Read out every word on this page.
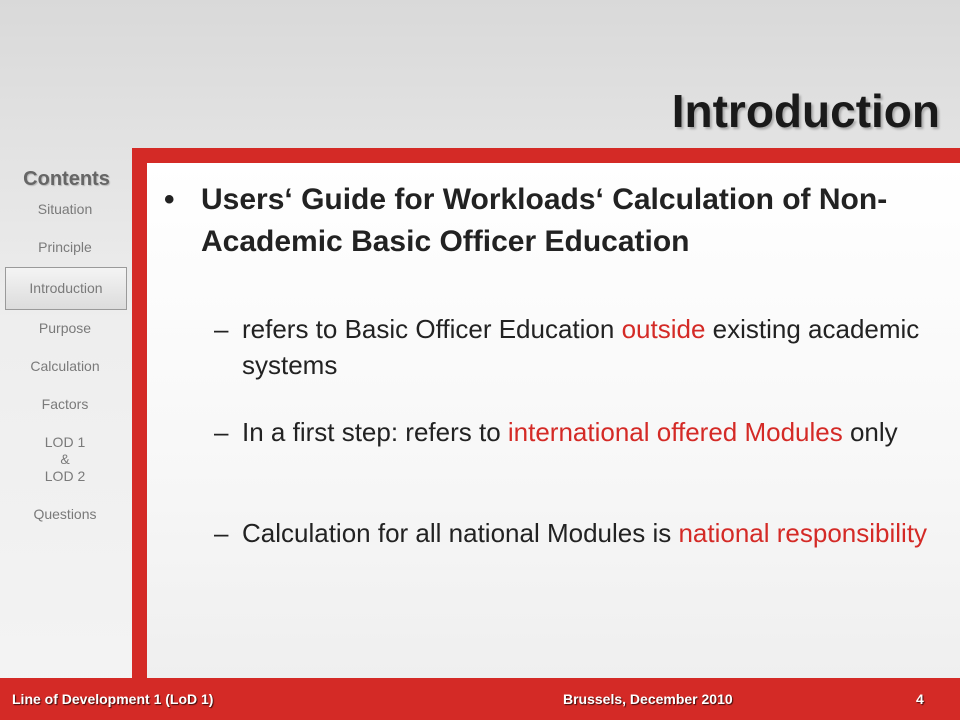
Introduction
Contents
Situation
Principle
Introduction
Purpose
Calculation
Factors
LOD 1
&
LOD 2
Questions
• Users‘ Guide for Workloads‘ Calculation of Non-Academic Basic Officer Education
– refers to Basic Officer Education outside existing academic systems
– In a first step: refers to international offered Modules only
– Calculation for all national Modules is national responsibility
Line of Development 1 (LoD 1)	Brussels, December 2010	4
